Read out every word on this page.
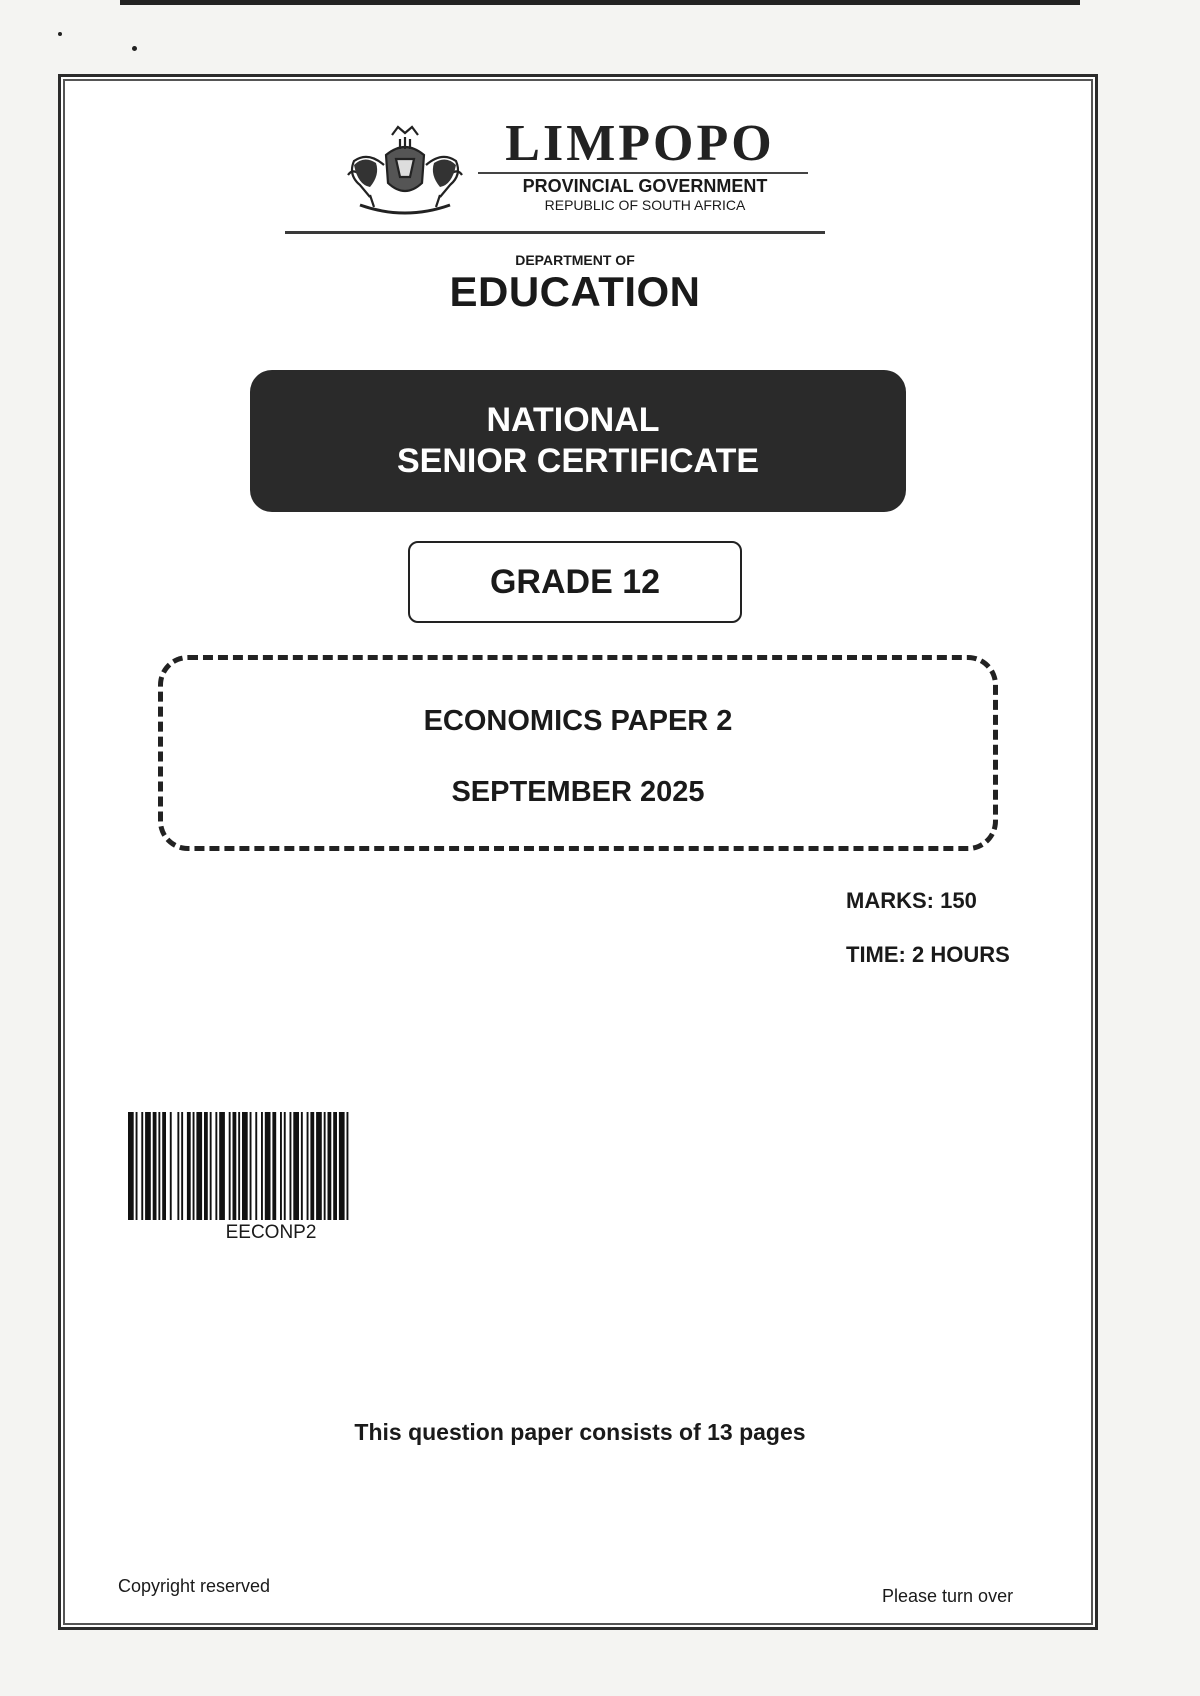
LIMPOPO

PROVINCIAL GOVERNMENT

REPUBLIC OF SOUTH AFRICA

DEPARTMENT OF

EDUCATION

NATIONAL
SENIOR CERTIFICATE
GRADE 12

ECONOMICS PAPER 2

SEPTEMBER 2025

MARKS: 150

TIME: 2 HOURS

EECONP2

This question paper consists of 13 pages

Copyright reserved	Please turn over
